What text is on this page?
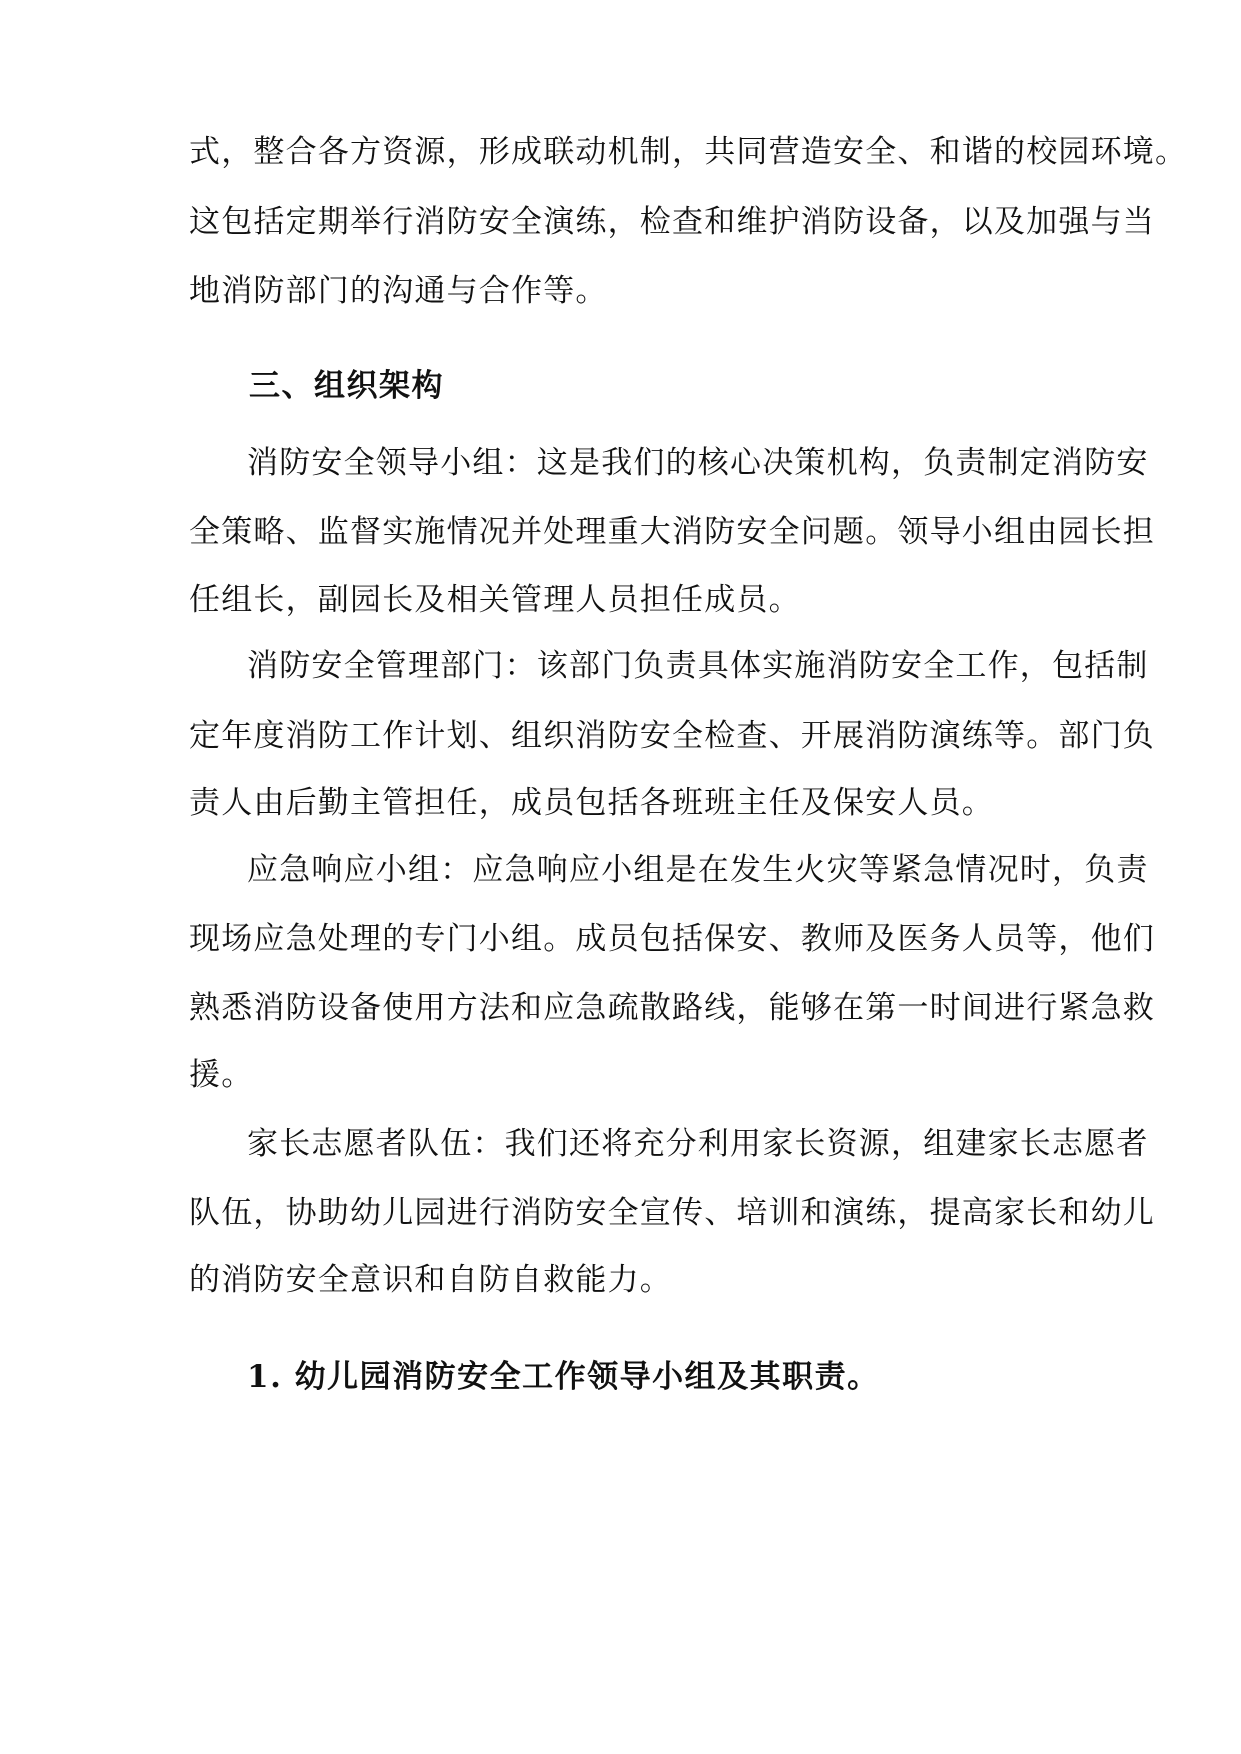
式，整合各方资源，形成联动机制，共同营造安全、和谐的校园环境。
这包括定期举行消防安全演练，检查和维护消防设备，以及加强与当
地消防部门的沟通与合作等。
三、组织架构
消防安全领导小组：这是我们的核心决策机构，负责制定消防安
全策略、监督实施情况并处理重大消防安全问题。领导小组由园长担
任组长，副园长及相关管理人员担任成员。
消防安全管理部门：该部门负责具体实施消防安全工作，包括制
定年度消防工作计划、组织消防安全检查、开展消防演练等。部门负
责人由后勤主管担任，成员包括各班班主任及保安人员。
应急响应小组：应急响应小组是在发生火灾等紧急情况时，负责
现场应急处理的专门小组。成员包括保安、教师及医务人员等，他们
熟悉消防设备使用方法和应急疏散路线，能够在第一时间进行紧急救
援。
家长志愿者队伍：我们还将充分利用家长资源，组建家长志愿者
队伍，协助幼儿园进行消防安全宣传、培训和演练，提高家长和幼儿
的消防安全意识和自防自救能力。
1. 幼儿园消防安全工作领导小组及其职责。
